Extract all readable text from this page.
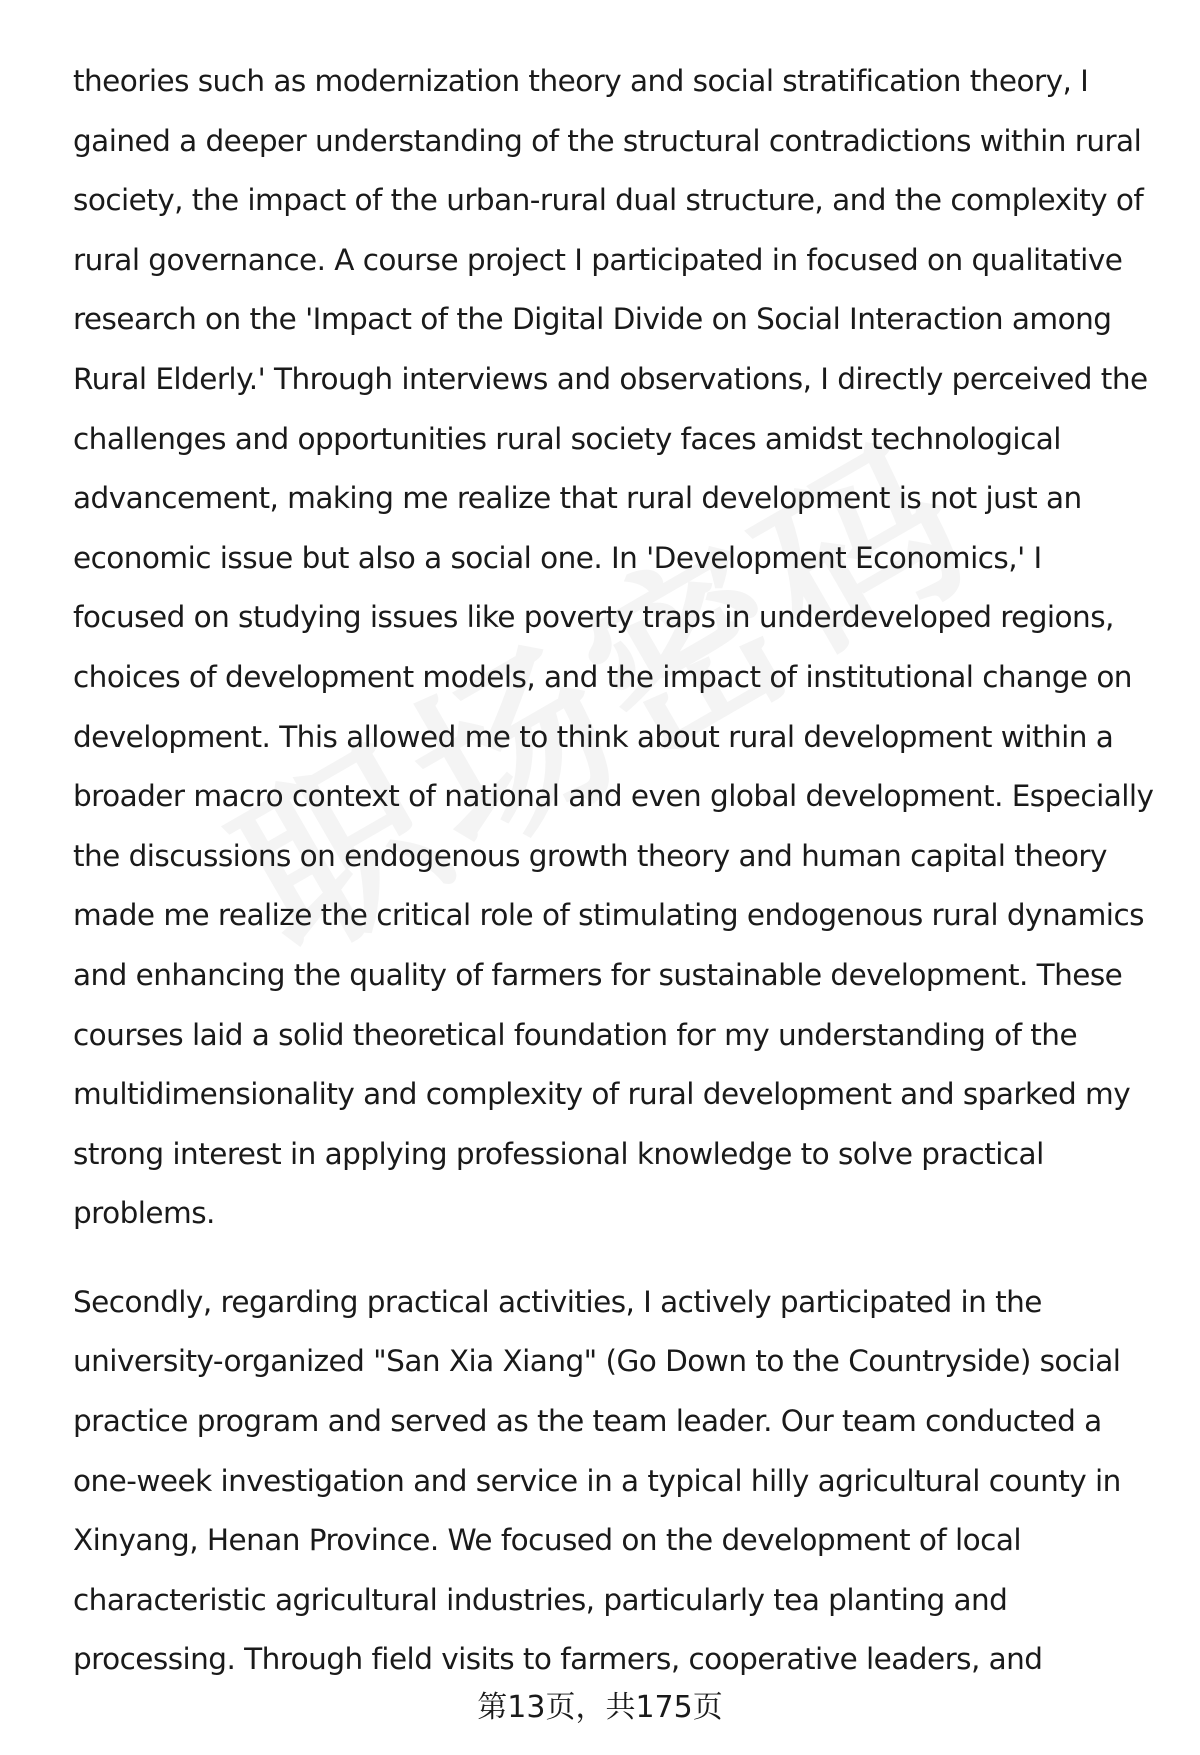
theories such as modernization theory and social stratification theory, I
gained a deeper understanding of the structural contradictions within rural
society, the impact of the urban-rural dual structure, and the complexity of
rural governance. A course project I participated in focused on qualitative
research on the 'Impact of the Digital Divide on Social Interaction among
Rural Elderly.' Through interviews and observations, I directly perceived the
challenges and opportunities rural society faces amidst technological
advancement, making me realize that rural development is not just an
economic issue but also a social one. In 'Development Economics,' I
focused on studying issues like poverty traps in underdeveloped regions,
choices of development models, and the impact of institutional change on
development. This allowed me to think about rural development within a
broader macro context of national and even global development. Especially
the discussions on endogenous growth theory and human capital theory
made me realize the critical role of stimulating endogenous rural dynamics
and enhancing the quality of farmers for sustainable development. These
courses laid a solid theoretical foundation for my understanding of the
multidimensionality and complexity of rural development and sparked my
strong interest in applying professional knowledge to solve practical
problems.
Secondly, regarding practical activities, I actively participated in the
university-organized "San Xia Xiang" (Go Down to the Countryside) social
practice program and served as the team leader. Our team conducted a
one-week investigation and service in a typical hilly agricultural county in
Xinyang, Henan Province. We focused on the development of local
characteristic agricultural industries, particularly tea planting and
processing. Through field visits to farmers, cooperative leaders, and
第13页，共175页
